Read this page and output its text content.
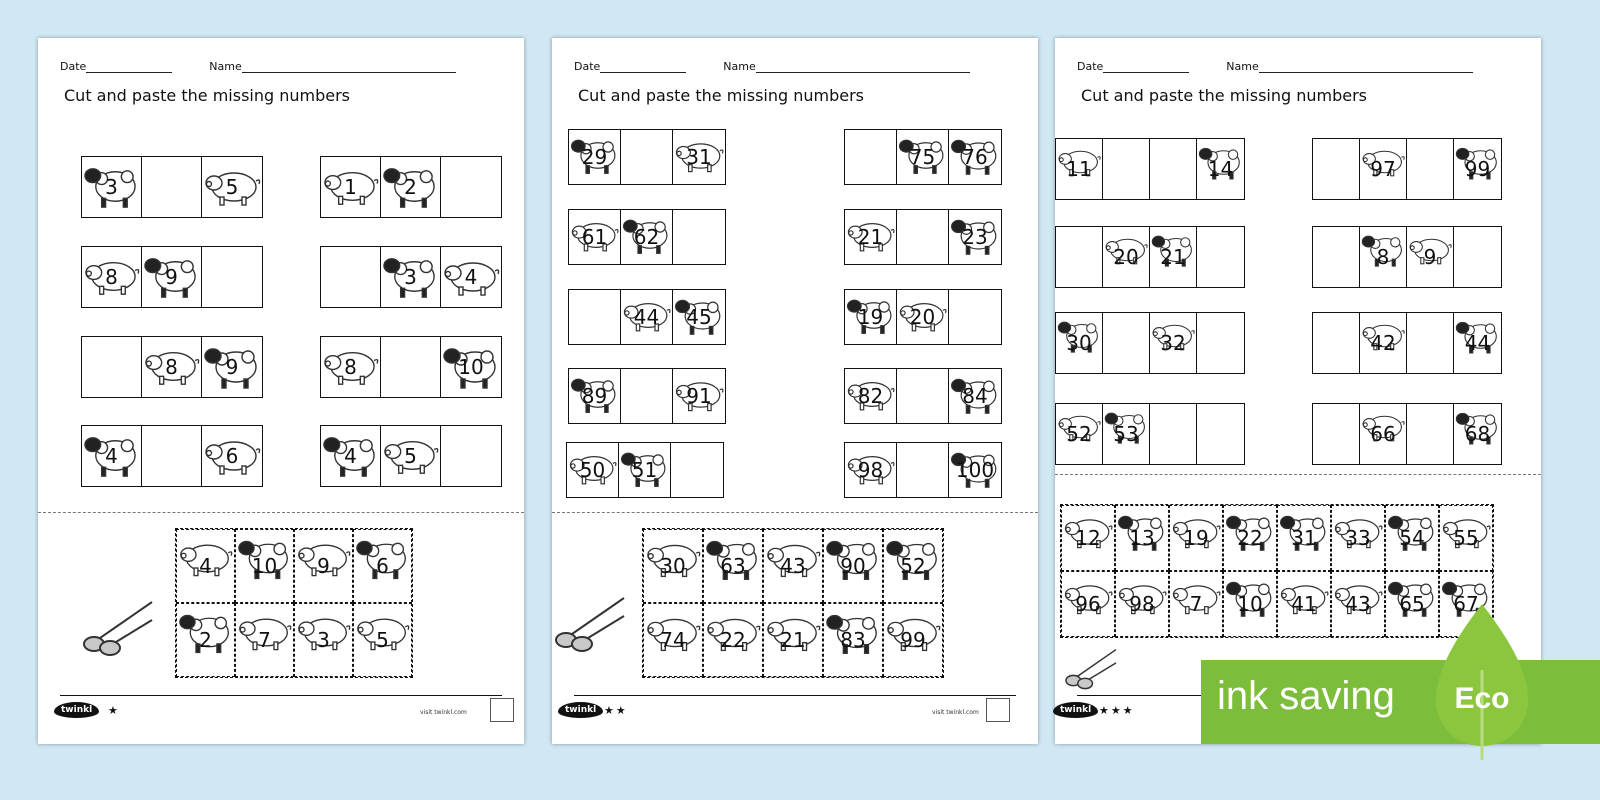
Date	Name
Cut and paste the missing numbers
3	5	1 2
8 9	3 4
8 9	8	10
4	6	4 5
4 10 9 6
2 7 3 5
twinkl	★	visit twinkl.com
Date	Name
Cut and paste the missing numbers
29	31	75 76
61 62	21	23
44 45	19 20
89	91	82	84
50 51	98	100
30 63 43 90 52
74 22 21 83 99
twinkl ★★	visit twinkl.com
Date	Name
Cut and paste the missing numbers
11	14	97	99
20 21	8 9
30	32	42	44
52 53	66	68
12 13 19 22 31 33 54 55
96 98 7 10 41 43 65 67
twinkl ★★★ ink saving Eco
